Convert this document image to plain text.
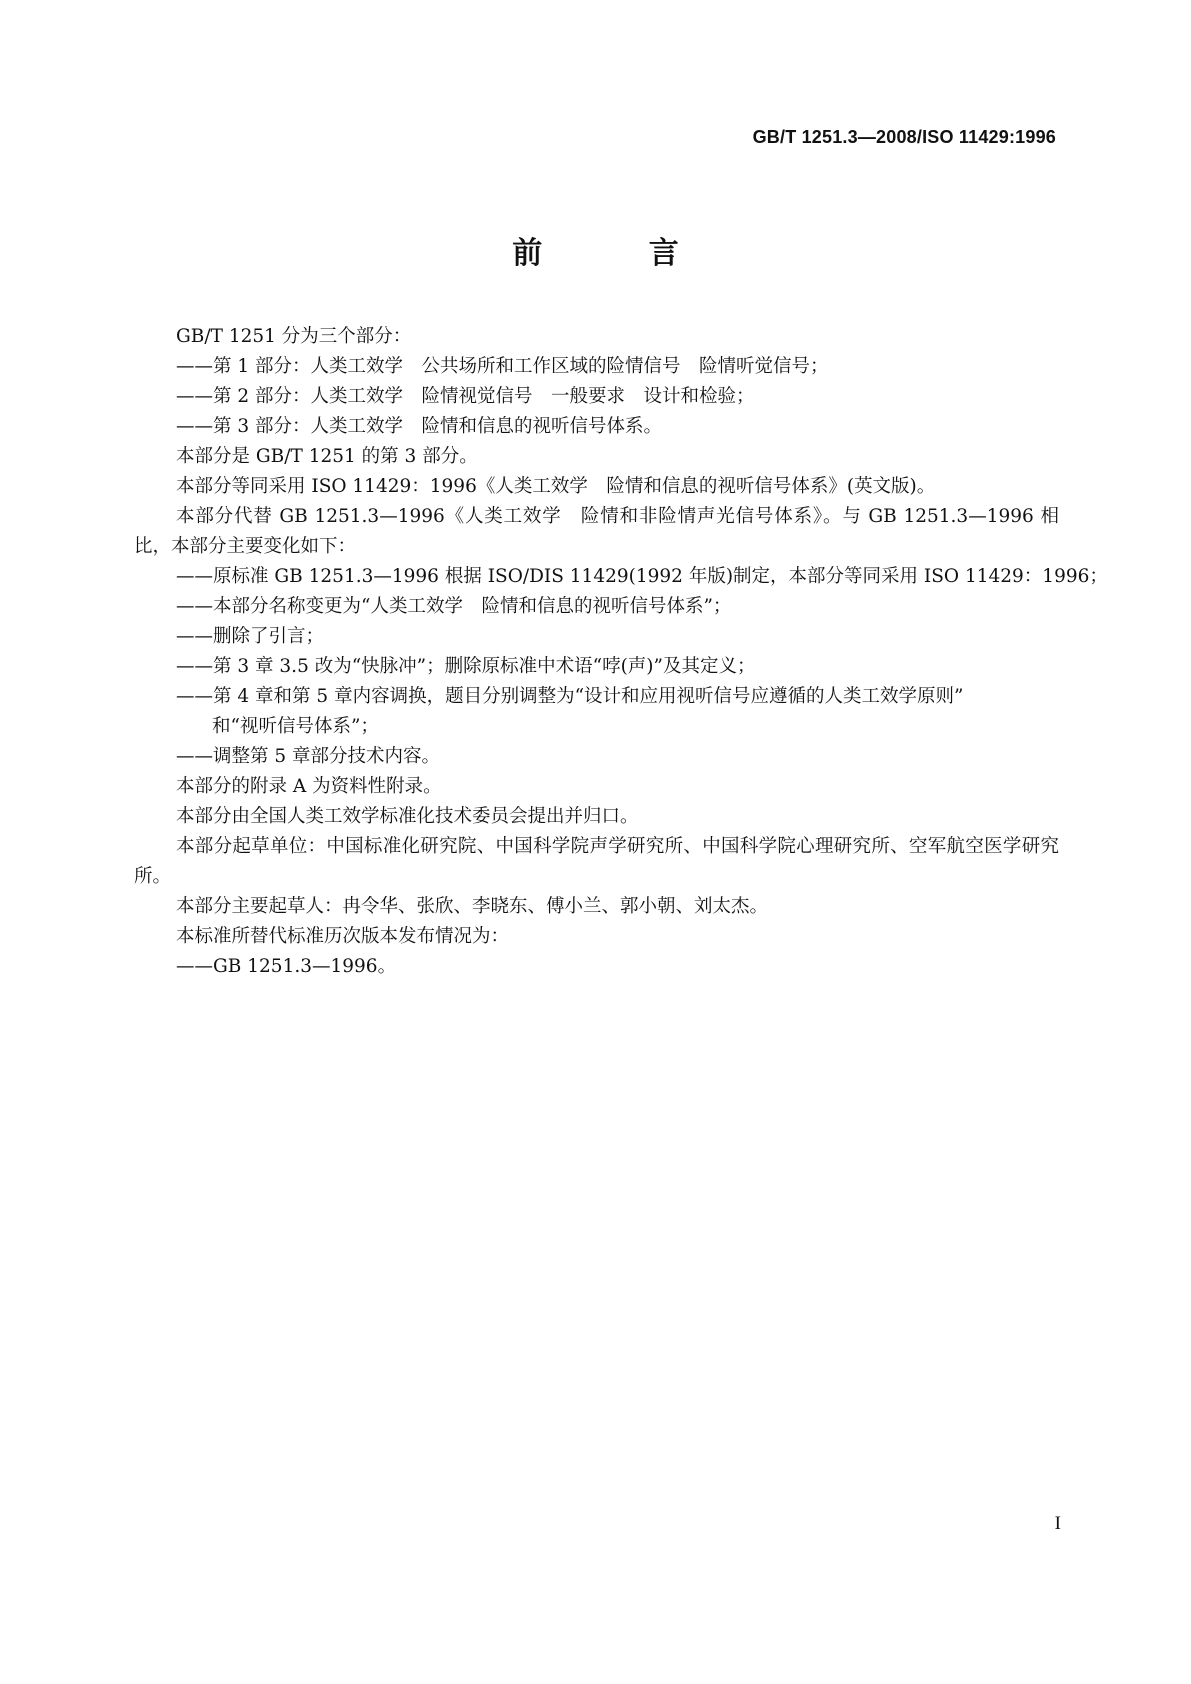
GB/T 1251.3—2008/ISO 11429:1996
前 言

GB/T 1251 分为三个部分：

——第 1 部分：人类工效学　公共场所和工作区域的险情信号　险情听觉信号；

——第 2 部分：人类工效学　险情视觉信号　一般要求　设计和检验；

——第 3 部分：人类工效学　险情和信息的视听信号体系。

本部分是 GB/T 1251 的第 3 部分。

本部分等同采用 ISO 11429：1996《人类工效学　险情和信息的视听信号体系》(英文版)。

本部分代替 GB 1251.3—1996《人类工效学　险情和非险情声光信号体系》。与 GB 1251.3—1996 相比，本部分主要变化如下：

——原标准 GB 1251.3—1996 根据 ISO/DIS 11429(1992 年版)制定，本部分等同采用 ISO 11429：1996；

——本部分名称变更为“人类工效学　险情和信息的视听信号体系”；

——删除了引言；

——第 3 章 3.5 改为“快脉冲”；删除原标准中术语“哱(声)”及其定义；

——第 4 章和第 5 章内容调换，题目分别调整为“设计和应用视听信号应遵循的人类工效学原则”
和“视听信号体系”；

——调整第 5 章部分技术内容。

本部分的附录 A 为资料性附录。

本部分由全国人类工效学标准化技术委员会提出并归口。

本部分起草单位：中国标准化研究院、中国科学院声学研究所、中国科学院心理研究所、空军航空医学研究所。

本部分主要起草人：冉令华、张欣、李晓东、傅小兰、郭小朝、刘太杰。

本标准所替代标准历次版本发布情况为：

——GB 1251.3—1996。

I
